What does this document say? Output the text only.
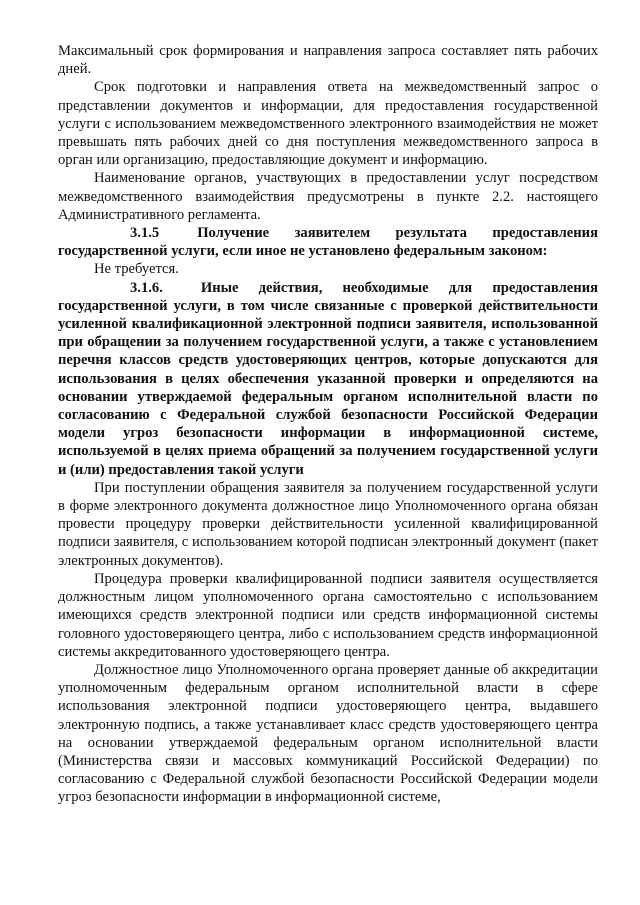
Максимальный срок формирования и направления запроса составляет пять рабочих дней.

Срок подготовки и направления ответа на межведомственный запрос о представлении документов и информации, для предоставления государственной услуги с использованием межведомственного электронного взаимодействия не может превышать пять рабочих дней со дня поступления межведомственного запроса в орган или организацию, предоставляющие документ и информацию.

Наименование органов, участвующих в предоставлении услуг посредством межведомственного взаимодействия предусмотрены в пункте 2.2. настоящего Административного регламента.

3.1.5	Получение заявителем результата предоставления государственной услуги, если иное не установлено федеральным законом:

Не требуется.

3.1.6.	Иные действия, необходимые для предоставления государственной услуги, в том числе связанные с проверкой действительности усиленной квалификационной электронной подписи заявителя, использованной при обращении за получением государственной услуги, а также с установлением перечня классов средств удостоверяющих центров, которые допускаются для использования в целях обеспечения указанной проверки и определяются на основании утверждаемой федеральным органом исполнительной власти по согласованию с Федеральной службой безопасности Российской Федерации модели угроз безопасности информации в информационной системе, используемой в целях приема обращений за получением государственной услуги и (или) предоставления такой услуги

При поступлении обращения заявителя за получением государственной услуги в форме электронного документа должностное лицо Уполномоченного органа обязан провести процедуру проверки действительности усиленной квалифицированной подписи заявителя, с использованием которой подписан электронный документ (пакет электронных документов).

Процедура проверки квалифицированной подписи заявителя осуществляется должностным лицом уполномоченного органа самостоятельно с использованием имеющихся средств электронной подписи или средств информационной системы головного удостоверяющего центра, либо с использованием средств информационной системы аккредитованного удостоверяющего центра.

Должностное лицо Уполномоченного органа проверяет данные об аккредитации уполномоченным федеральным органом исполнительной власти в сфере использования электронной подписи удостоверяющего центра, выдавшего электронную подпись, а также устанавливает класс средств удостоверяющего центра на основании утверждаемой федеральным органом исполнительной власти (Министерства связи и массовых коммуникаций Российской Федерации) по согласованию с Федеральной службой безопасности Российской Федерации модели угроз безопасности информации в информационной системе,
